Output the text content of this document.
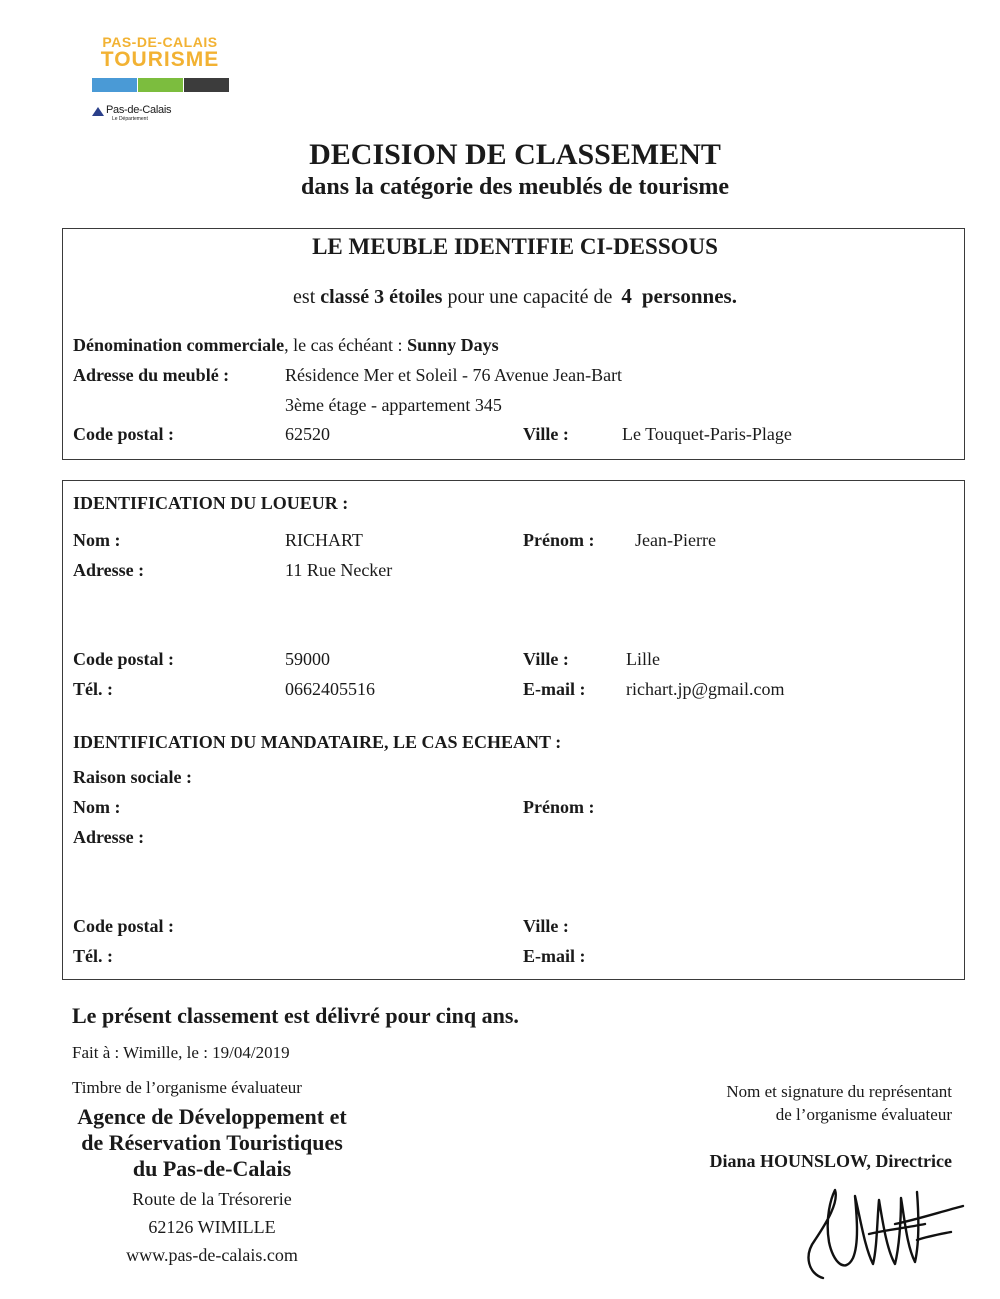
PAS-DE-CALAIS
TOURISME
Pas-de-Calais
Le Département
DECISION DE CLASSEMENT
dans la catégorie des meublés de tourisme
LE MEUBLE IDENTIFIE CI-DESSOUS
est classé 3 étoiles pour une capacité de 4 personnes.
Dénomination commerciale, le cas échéant : Sunny Days
Adresse du meublé :	Résidence Mer et Soleil - 76 Avenue Jean-Bart
3ème étage - appartement 345
Code postal :	62520	Ville :	Le Touquet-Paris-Plage
IDENTIFICATION DU LOUEUR :
Nom :	RICHART	Prénom : Jean-Pierre
Adresse :	11 Rue Necker
Code postal :	59000	Ville :	Lille
Tél. :	0662405516	E-mail : richart.jp@gmail.com
IDENTIFICATION DU MANDATAIRE, LE CAS ECHEANT :
Raison sociale :
Nom :	Prénom :
Adresse :
Code postal :	Ville :
Tél. :	E-mail :
Le présent classement est délivré pour cinq ans.
Fait à : Wimille, le : 19/04/2019
Timbre de l’organisme évaluateur
Agence de Développement et
de Réservation Touristiques
du Pas-de-Calais
Route de la Trésorerie
62126 WIMILLE
www.pas-de-calais.com
Nom et signature du représentant
de l’organisme évaluateur
Diana HOUNSLOW, Directrice
